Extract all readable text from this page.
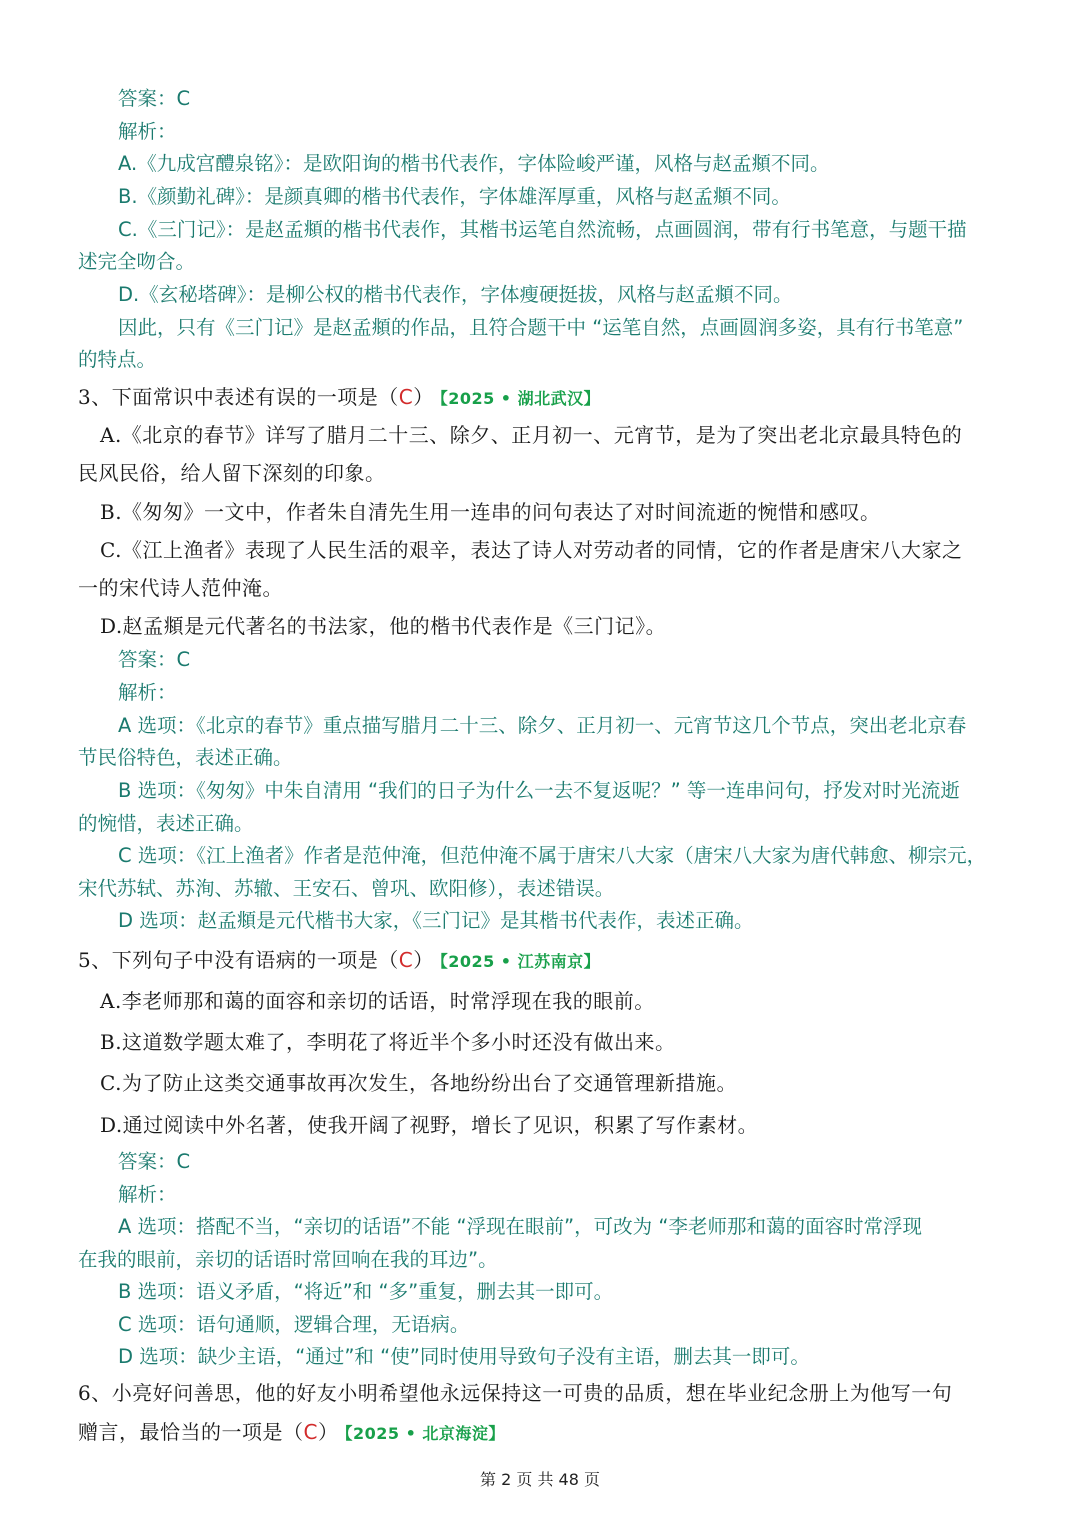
答案：C
解析：
A.《九成宫醴泉铭》：是欧阳询的楷书代表作，字体险峻严谨，风格与赵孟頫不同。
B.《颜勤礼碑》：是颜真卿的楷书代表作，字体雄浑厚重，风格与赵孟頫不同。
C.《三门记》：是赵孟頫的楷书代表作，其楷书运笔自然流畅，点画圆润，带有行书笔意，与题干描
述完全吻合。
D.《玄秘塔碑》：是柳公权的楷书代表作，字体瘦硬挺拔，风格与赵孟頫不同。
因此，只有《三门记》是赵孟頫的作品，且符合题干中 “运笔自然，点画圆润多姿，具有行书笔意”
的特点。
3、下面常识中表述有误的一项是（C） 【2025 • 湖北武汉】
A.《北京的春节》详写了腊月二十三、除夕、正月初一、元宵节，是为了突出老北京最具特色的
民风民俗，给人留下深刻的印象。
B.《匆匆》一文中，作者朱自清先生用一连串的问句表达了对时间流逝的惋惜和感叹。
C.《江上渔者》表现了人民生活的艰辛，表达了诗人对劳动者的同情，它的作者是唐宋八大家之
一的宋代诗人范仲淹。
D.赵孟頫是元代著名的书法家，他的楷书代表作是《三门记》。
答案：C
解析：
A 选项：《北京的春节》重点描写腊月二十三、除夕、正月初一、元宵节这几个节点，突出老北京春
节民俗特色，表述正确。
B 选项：《匆匆》中朱自清用 “我们的日子为什么一去不复返呢？” 等一连串问句，抒发对时光流逝
的惋惜，表述正确。
C 选项：《江上渔者》作者是范仲淹，但范仲淹不属于唐宋八大家（唐宋八大家为唐代韩愈、柳宗元，
宋代苏轼、苏洵、苏辙、王安石、曾巩、欧阳修），表述错误。
D 选项：赵孟頫是元代楷书大家，《三门记》是其楷书代表作，表述正确。
5、下列句子中没有语病的一项是（C） 【2025 • 江苏南京】
A.李老师那和蔼的面容和亲切的话语，时常浮现在我的眼前。
B.这道数学题太难了，李明花了将近半个多小时还没有做出来。
C.为了防止这类交通事故再次发生，各地纷纷出台了交通管理新措施。
D.通过阅读中外名著，使我开阔了视野，增长了见识，积累了写作素材。
答案：C
解析：
A 选项：搭配不当，“亲切的话语”不能 “浮现在眼前”，可改为 “李老师那和蔼的面容时常浮现
在我的眼前，亲切的话语时常回响在我的耳边”。
B 选项：语义矛盾，“将近”和 “多”重复，删去其一即可。
C 选项：语句通顺，逻辑合理，无语病。
D 选项：缺少主语，“通过”和 “使”同时使用导致句子没有主语，删去其一即可。
6、小亮好问善思，他的好友小明希望他永远保持这一可贵的品质，想在毕业纪念册上为他写一句
赠言，最恰当的一项是（C） 【2025 • 北京海淀】
第 2 页 共 48 页
